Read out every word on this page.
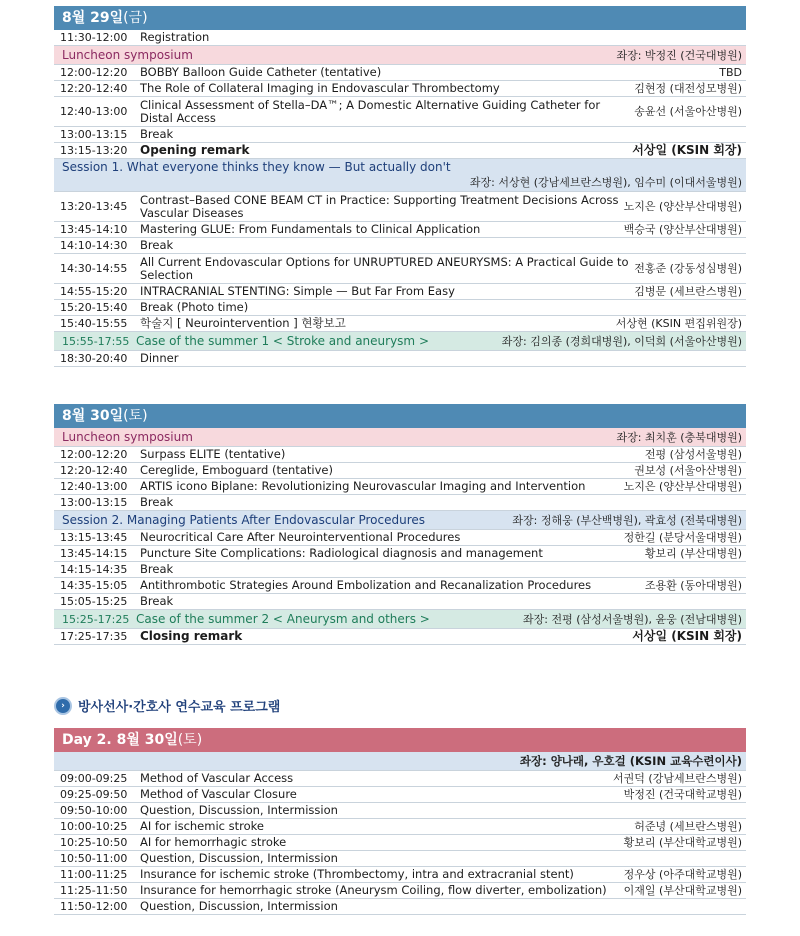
8월 29일(금)
11:30-12:00	Registration
Luncheon symposium	좌장: 박정진 (건국대병원)
12:00-12:20	BOBBY Balloon Guide Catheter (tentative)	TBD
12:20-12:40	The Role of Collateral Imaging in Endovascular Thrombectomy	김현정 (대전성모병원)
12:40-13:00	Clinical Assessment of Stella–DA™; A Domestic Alternative Guiding Catheter for Distal Access	송윤선 (서울아산병원)
13:00-13:15	Break
13:15-13:20	Opening remark	서상일 (KSIN 회장)
Session 1. What everyone thinks they know — But actually don't
좌장: 서상현 (강남세브란스병원), 임수미 (이대서울병원)
13:20-13:45	Contrast–Based CONE BEAM CT in Practice: Supporting Treatment Decisions Across Vascular Diseases	노지은 (양산부산대병원)
13:45-14:10	Mastering GLUE: From Fundamentals to Clinical Application	백승국 (양산부산대병원)
14:10-14:30	Break
14:30-14:55	All Current Endovascular Options for UNRUPTURED ANEURYSMS: A Practical Guide to Selection	전홍준 (강동성심병원)
14:55-15:20	INTRACRANIAL STENTING: Simple — But Far From Easy	김병문 (세브란스병원)
15:20-15:40	Break (Photo time)
15:40-15:55	학술지 [ Neurointervention ] 현황보고	서상현 (KSIN 편집위원장)
15:55-17:55 Case of the summer 1 < Stroke and aneurysm >	좌장: 김의종 (경희대병원), 이덕희 (서울아산병원)
18:30-20:40	Dinner
8월 30일(토)
Luncheon symposium	좌장: 최치훈 (충북대병원)
12:00-12:20	Surpass ELITE (tentative)	전평 (삼성서울병원)
12:20-12:40	Cereglide, Emboguard (tentative)	권보성 (서울아산병원)
12:40-13:00	ARTIS icono Biplane: Revolutionizing Neurovascular Imaging and Intervention	노지은 (양산부산대병원)
13:00-13:15	Break
Session 2. Managing Patients After Endovascular Procedures	좌장: 정해웅 (부산백병원), 곽효성 (전북대병원)
13:15-13:45	Neurocritical Care After Neurointerventional Procedures	정한길 (분당서울대병원)
13:45-14:15	Puncture Site Complications: Radiological diagnosis and management	황보리 (부산대병원)
14:15-14:35	Break
14:35-15:05	Antithrombotic Strategies Around Embolization and Recanalization Procedures	조용환 (동아대병원)
15:05-15:25	Break
15:25-17:25 Case of the summer 2 < Aneurysm and others >	좌장: 전평 (삼성서울병원), 윤웅 (전남대병원)
17:25-17:35	Closing remark	서상일 (KSIN 회장)
›	방사선사·간호사 연수교육 프로그램
Day 2. 8월 30일(토)
좌장: 양나래, 우호걸 (KSIN 교육수련이사)
09:00-09:25	Method of Vascular Access	서권덕 (강남세브란스병원)
09:25-09:50	Method of Vascular Closure	박정진 (건국대학교병원)
09:50-10:00	Question, Discussion, Intermission
10:00-10:25	AI for ischemic stroke	허준녕 (세브란스병원)
10:25-10:50	AI for hemorrhagic stroke	황보리 (부산대학교병원)
10:50-11:00	Question, Discussion, Intermission
11:00-11:25	Insurance for ischemic stroke (Thrombectomy, intra and extracranial stent)	정우상 (아주대학교병원)
11:25-11:50	Insurance for hemorrhagic stroke (Aneurysm Coiling, flow diverter, embolization)	이재일 (부산대학교병원)
11:50-12:00	Question, Discussion, Intermission
